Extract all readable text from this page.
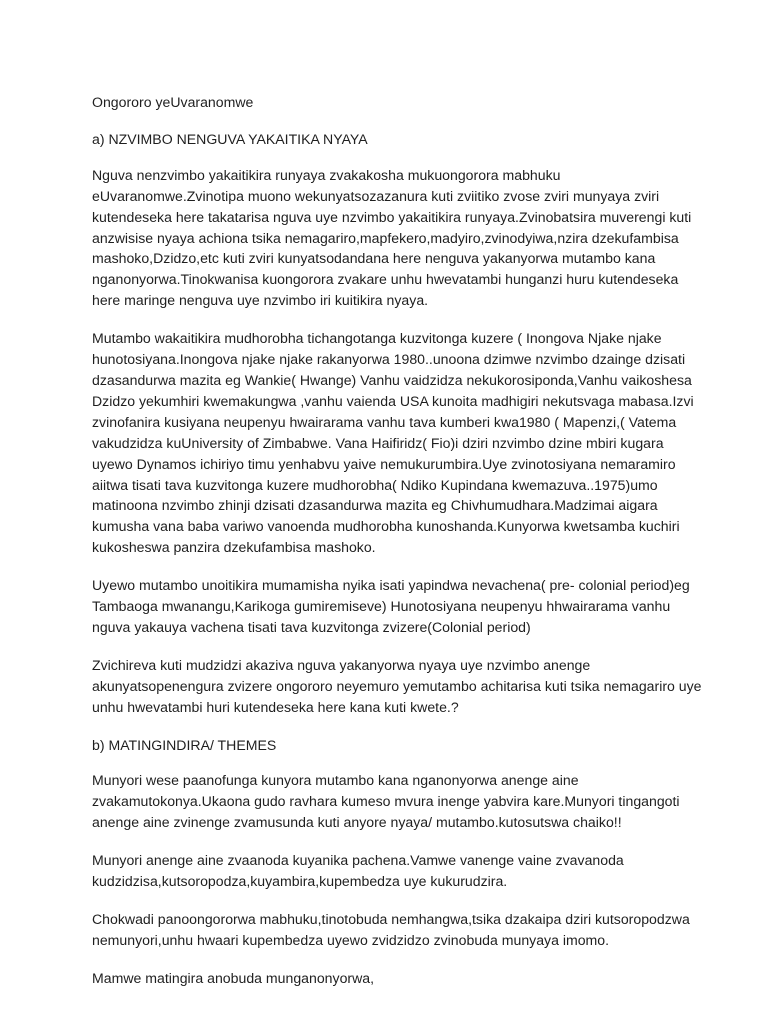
Ongororo yeUvaranomwe

a) NZVIMBO NENGUVA YAKAITIKA NYAYA

Nguva nenzvimbo yakaitikira runyaya zvakakosha mukuongorora mabhuku eUvaranomwe.Zvinotipa muono wekunyatsozazanura kuti zviitiko zvose zviri munyaya zviri kutendeseka here takatarisa nguva uye nzvimbo yakaitikira runyaya.Zvinobatsira muverengi kuti anzwisise nyaya achiona tsika nemagariro,mapfekero,madyiro,zvinodyiwa,nzira dzekufambisa mashoko,Dzidzo,etc kuti zviri kunyatsodandana here nenguva yakanyorwa mutambo kana nganonyorwa.Tinokwanisa kuongorora zvakare unhu hwevatambi hunganzi huru kutendeseka here maringe nenguva uye nzvimbo iri kuitikira nyaya.

Mutambo wakaitikira mudhorobha tichangotanga kuzvitonga kuzere ( Inongova Njake njake hunotosiyana.Inongova njake njake rakanyorwa 1980..unoona dzimwe nzvimbo dzainge dzisati dzasandurwa mazita eg Wankie( Hwange) Vanhu vaidzidza nekukorosiponda,Vanhu vaikoshesa Dzidzo yekumhiri kwemakungwa ,vanhu vaienda USA kunoita madhigiri nekutsvaga mabasa.Izvi zvinofanira kusiyana neupenyu hwairarama vanhu tava kumberi kwa1980 ( Mapenzi,( Vatema vakudzidza kuUniversity of Zimbabwe. Vana Haifiridz( Fio)i dziri nzvimbo dzine mbiri kugara uyewo Dynamos ichiriyo timu yenhabvu yaive nemukurumbira.Uye zvinotosiyana nemaramiro aiitwa tisati tava kuzvitonga kuzere mudhorobha( Ndiko Kupindana kwemazuva..1975)umo matinoona nzvimbo zhinji dzisati dzasandurwa mazita eg Chivhumudhara.Madzimai aigara kumusha vana baba variwo vanoenda mudhorobha kunoshanda.Kunyorwa kwetsamba kuchiri kukosheswa panzira dzekufambisa mashoko.

Uyewo mutambo unoitikira mumamisha nyika isati yapindwa nevachena( pre- colonial period)eg Tambaoga mwanangu,Karikoga gumiremiseve) Hunotosiyana neupenyu hhwairarama vanhu nguva yakauya vachena tisati tava kuzvitonga zvizere(Colonial period)

Zvichireva kuti mudzidzi akaziva nguva yakanyorwa nyaya uye nzvimbo anenge akunyatsopenengura zvizere ongororo neyemuro yemutambo achitarisa kuti tsika nemagariro uye unhu hwevatambi huri kutendeseka here kana kuti kwete.?

b) MATINGINDIRA/ THEMES

Munyori wese paanofunga kunyora mutambo kana nganonyorwa anenge aine zvakamutokonya.Ukaona gudo ravhara kumeso mvura inenge yabvira kare.Munyori tingangoti anenge aine zvinenge zvamusunda kuti anyore nyaya/ mutambo.kutosutswa chaiko!!

Munyori anenge aine zvaanoda kuyanika pachena.Vamwe vanenge vaine zvavanoda kudzidzisa,kutsoropodza,kuyambira,kupembedza uye kukurudzira.

Chokwadi panoongororwa mabhuku,tinotobuda nemhangwa,tsika dzakaipa dziri kutsoropodzwa nemunyori,unhu hwaari kupembedza uyewo zvidzidzo zvinobuda munyaya imomo.

Mamwe matingira anobuda munganonyorwa,
